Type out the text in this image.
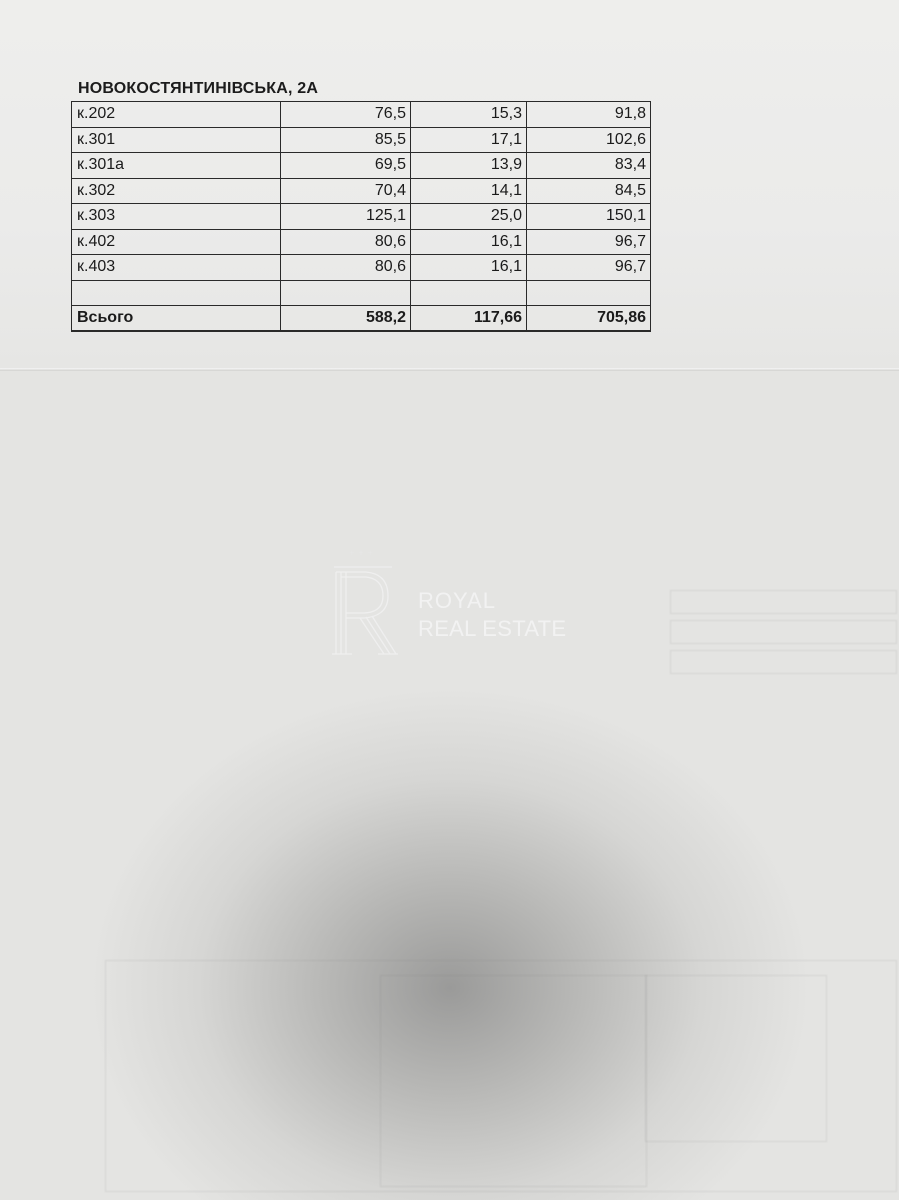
НОВОКОСТЯНТИНІВСЬКА, 2А
к.202	76,5	15,3	91,8
к.301	85,5	17,1	102,6
к.301а	69,5	13,9	83,4
к.302	70,4	14,1	84,5
к.303	125,1	25,0	150,1
к.402	80,6	16,1	96,7
к.403	80,6	16,1	96,7

Всього	588,2	117,66	705,86
+++
ROYAL
REAL ESTATE
